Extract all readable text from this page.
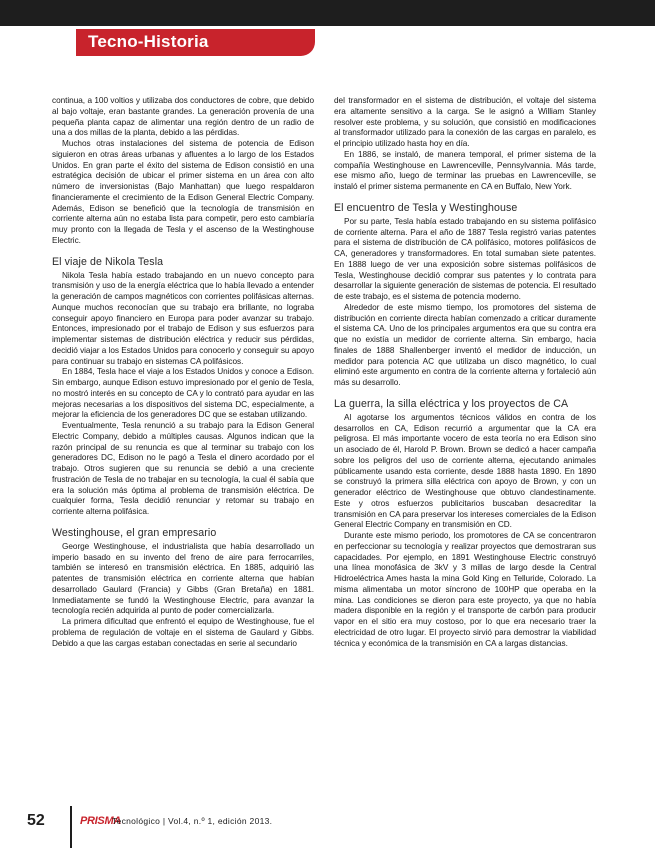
Tecno-Historia

continua, a 100 voltios y utilizaba dos conductores de cobre, que debido al bajo voltaje, eran bastante grandes. La generación provenía de una pequeña planta capaz de alimentar una región dentro de un radio de una a dos millas de la planta, debido a las pérdidas.

Muchos otras instalaciones del sistema de potencia de Edison siguieron en otras áreas urbanas y afluentes a lo largo de los Estados Unidos. En gran parte el éxito del sistema de Edison consistió en una estratégica decisión de ubicar el primer sistema en un área con alto número de inversionistas (Bajo Manhattan) que luego respaldaron financieramente el crecimiento de la Edison General Electric Company. Además, Edison se benefició que la tecnología de transmisión en corriente alterna aún no estaba lista para competir, pero esto cambiaría muy pronto con la llegada de Tesla y el ascenso de la Westinghouse Electric.

El viaje de Nikola Tesla

Nikola Tesla había estado trabajando en un nuevo concepto para transmisión y uso de la energía eléctrica que lo había llevado a entender la generación de campos magnéticos con corrientes polifásicas alternas. Aunque muchos reconocían que su trabajo era brillante, no lograba conseguir apoyo financiero en Europa para poder avanzar su trabajo. Entonces, impresionado por el trabajo de Edison y sus esfuerzos para implementar sistemas de distribución eléctrica y reducir sus pérdidas, decidió viajar a los Estados Unidos para conocerlo y conseguir su apoyo para continuar su trabajo en sistemas CA polifásicos.

En 1884, Tesla hace el viaje a los Estados Unidos y conoce a Edison. Sin embargo, aunque Edison estuvo impresionado por el genio de Tesla, no mostró interés en su concepto de CA y lo contrató para ayudar en las mejoras necesarias a los dispositivos del sistema DC, especialmente, a mejorar la eficiencia de los generadores DC que se estaban utilizando.

Eventualmente, Tesla renunció a su trabajo para la Edison General Electric Company, debido a múltiples causas. Algunos indican que la razón principal de su renuncia es que al terminar su trabajo con los generadores DC, Edison no le pagó a Tesla el dinero acordado por el trabajo. Otros sugieren que su renuncia se debió a una creciente frustración de Tesla de no trabajar en su tecnología, la cual él sabía que era la solución más óptima al problema de transmisión eléctrica. De cualquier forma, Tesla decidió renunciar y retomar su trabajo en corriente alterna polifásica.

Westinghouse, el gran empresario

George Westinghouse, el industrialista que había desarrollado un imperio basado en su invento del freno de aire para ferrocarriles, también se interesó en transmisión eléctrica. En 1885, adquirió las patentes de transmisión eléctrica en corriente alterna que habían desarrollado Gaulard (Francia) y Gibbs (Gran Bretaña) en 1881. Inmediatamente se fundó la Westinghouse Electric, para avanzar la tecnología recién adquirida al punto de poder comercializarla.

La primera dificultad que enfrentó el equipo de Westinghouse, fue el problema de regulación de voltaje en el sistema de Gaulard y Gibbs. Debido a que las cargas estaban conectadas en serie al secundario

del transformador en el sistema de distribución, el voltaje del sistema era altamente sensitivo a la carga. Se le asignó a William Stanley resolver este problema, y su solución, que consistió en modificaciones al transformador utilizado para la conexión de las cargas en paralelo, es el principio utilizado hasta hoy en día.

En 1886, se instaló, de manera temporal, el primer sistema de la compañía Westinghouse en Lawrenceville, Pennsylvannia. Más tarde, ese mismo año, luego de terminar las pruebas en Lawrenceville, se instaló el primer sistema permanente en CA en Buffalo, New York.

El encuentro de Tesla y Westinghouse

Por su parte, Tesla había estado trabajando en su sistema polifásico de corriente alterna. Para el año de 1887 Tesla registró varias patentes para el sistema de distribución de CA polifásico, motores polifásicos de CA, generadores y transformadores. En total sumaban siete patentes. En 1888 luego de ver una exposición sobre sistemas polifásicos de Tesla, Westinghouse decidió comprar sus patentes y lo contrata para desarrollar la siguiente generación de sistemas de potencia. El resultado de este trabajo, es el sistema de potencia moderno.

Alrededor de este mismo tiempo, los promotores del sistema de distribución en corriente directa habían comenzado a criticar duramente el sistema CA. Uno de los principales argumentos era que su contra era que no existía un medidor de corriente alterna. Sin embargo, hacia finales de 1888 Shallenberger inventó el medidor de inducción, un medidor para potencia AC que utilizaba un disco magnético, lo cual eliminó este argumento en contra de la corriente alterna y fortaleció aún más su desarrollo.

La guerra, la silla eléctrica y los proyectos de CA

Al agotarse los argumentos técnicos válidos en contra de los desarrollos en CA, Edison recurrió a argumentar que la CA era peligrosa. El más importante vocero de esta teoría no era Edison sino un asociado de él, Harold P. Brown. Brown se dedicó a hacer campaña sobre los peligros del uso de corriente alterna, ejecutando animales públicamente usando esta corriente, desde 1888 hasta 1890. En 1890 se construyó la primera silla eléctrica con apoyo de Brown, y con un generador eléctrico de Westinghouse que obtuvo clandestinamente. Este y otros esfuerzos publicitarios buscaban desacreditar la transmisión en CA para preservar los intereses comerciales de la Edison General Electric Company en transmisión en CD.

Durante este mismo periodo, los promotores de CA se concentraron en perfeccionar su tecnología y realizar proyectos que demostraran sus capacidades. Por ejemplo, en 1891 Westinghouse Electric construyó una línea monofásica de 3kV y 3 millas de largo desde la Central Hidroeléctrica Ames hasta la mina Gold King en Telluride, Colorado. La misma alimentaba un motor síncrono de 100HP que operaba en la mina. Las condiciones se dieron para este proyecto, ya que no había madera disponible en la región y el transporte de carbón para producir vapor en el sitio era muy costoso, por lo que era necesario traer la electricidad de otro lugar. El proyecto sirvió para demostrar la viabilidad técnica y económica de la transmisión en CA a largas distancias.

52	PRISMA
Tecnológico | Vol.4, n.º 1, edición 2013.
